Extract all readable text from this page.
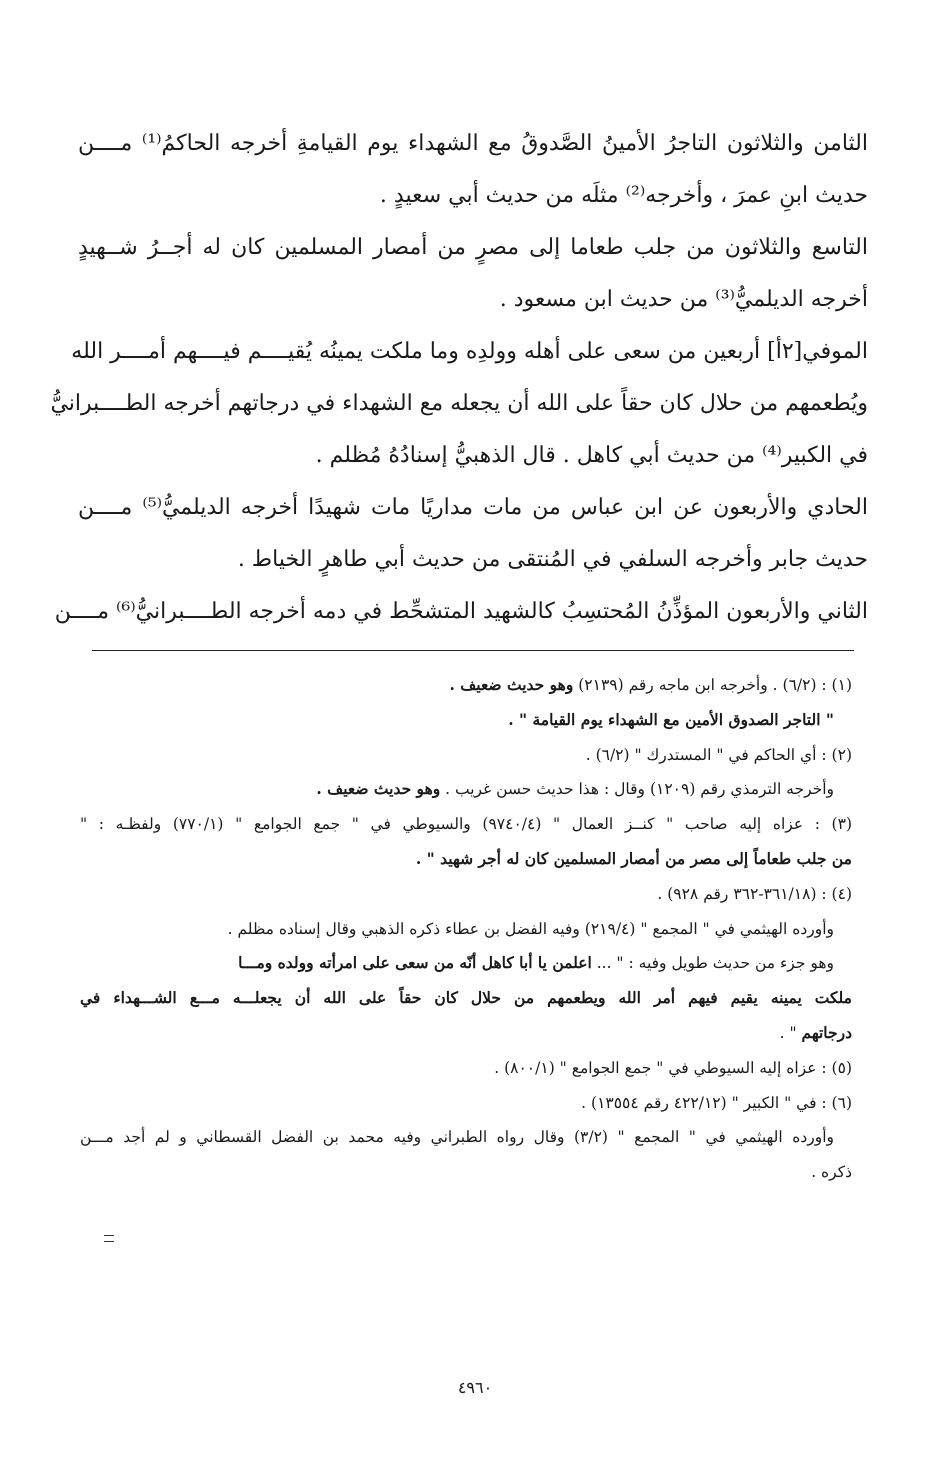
الثامن والثلاثون التاجرُ الأمينُ الصَّدوقُ مع الشهداء يوم القيامةِ أخرجه الحاكمُ⁽¹⁾ مــــن
حديث ابنِ عمرَ ، وأخرجه⁽²⁾ مثلَه من حديث أبي سعيدٍ .
التاسع والثلاثون من جلب طعاما إلى مصرٍ من أمصار المسلمين كان له أجــرُ شــهيدٍ
أخرجه الديلميُّ⁽³⁾ من حديث ابن مسعود .
الموفي[٢أ] أربعين من سعى على أهله وولدِه وما ملكت يمينُه يُقيــــم فيــــهم أمــــر الله
ويُطعمهم من حلال كان حقاً على الله أن يجعله مع الشهداء في درجاتهم أخرجه الطــــبرانيُّ
في الكبير⁽⁴⁾ من حديث أبي كاهل . قال الذهبيُّ إسنادُهُ مُظلم .
الحادي والأربعون عن ابن عباس من مات مداريًا مات شهيدًا أخرجه الديلميُّ⁽⁵⁾ مــــن
حديث جابر وأخرجه السلفي في المُنتقى من حديث أبي طاهرٍ الخياط .
الثاني والأربعون المؤذِّنُ المُحتسِبُ كالشهيد المتشحِّط في دمه أخرجه الطــــبرانيُّ⁽⁶⁾ مــــن
(١) : (٦/٢) . وأخرجه ابن ماجه رقم (٢١٣٩) وهو حديث ضعيف .
" التاجر الصدوق الأمين مع الشهداء يوم القيامة " .
(٢) : أي الحاكم في " المستدرك " (٦/٢) .
وأخرجه الترمذي رقم (١٢٠٩) وقال : هذا حديث حسن غريب . وهو حديث ضعيف .
(٣) : عزاه إليه صاحب " كنــز العمال " (٩٧٤٠/٤) والسيوطي في " جمع الجوامع " (٧٧٠/١) ولفظـه : "
من جلب طعاماً إلى مصر من أمصار المسلمين كان له أجر شهيد " .
(٤) : (٣٦١/١٨-٣٦٢ رقم ٩٢٨) .
وأورده الهيثمي في " المجمع " (٢١٩/٤) وفيه الفضل بن عطاء ذكره الذهبي وقال إسناده مظلم .
وهو جزء من حديث طويل وفيه : " ... اعلمن يا أبا كاهل أنّه من سعى على امرأته وولده ومـــا
ملكت يمينه يقيم فيهم أمر الله ويطعمهم من حلال كان حقاً على الله أن يجعلـــه مـــع الشـــهداء في
درجاتهم " .
(٥) : عزاه إليه السيوطي في " جمع الجوامع " (٨٠٠/١) .
(٦) : في " الكبير " (٤٢٢/١٢ رقم ١٣٥٥٤) .
وأورده الهيثمي في " المجمع " (٣/٢) وقال رواه الطبراني وفيه محمد بن الفضل القسطاني و لم أجد مـــن
ذكره .
٤٩٦٠
